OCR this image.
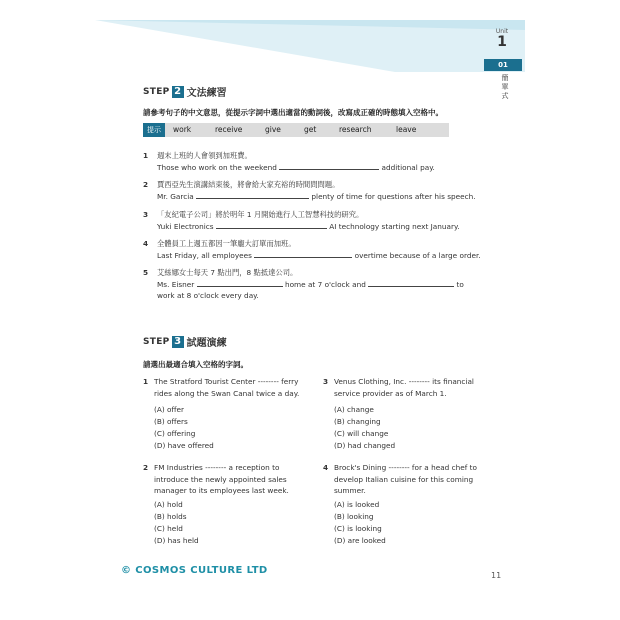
Unit
1
01
簡單式
STEP 2 文法練習
請參考句子的中文意思，從提示字詞中選出適當的動詞後，改寫成正確的時態填入空格中。
提示	work	receive	give	get	research	leave
1 週末上班的人會領到加班費。
Those who work on the weekend	additional pay.
2 賈西亞先生演講結束後，將會給大家充裕的時間問問題。
Mr. Garcia	plenty of time for questions after his speech.
3 「友紀電子公司」將於明年 1 月開始進行人工智慧科技的研究。
Yuki Electronics	AI technology starting next January.
4 全體員工上週五都因一筆龐大訂單而加班。
Last Friday, all employees	overtime because of a large order.
5 艾絲娜女士每天 7 點出門，8 點抵達公司。
Ms. Eisner	home at 7 o'clock and	to
work at 8 o'clock every day.
STEP 3 試題演練
請選出最適合填入空格的字詞。
1 The Stratford Tourist Center -------- ferry rides along the Swan Canal twice a day.
(A) offer
(B) offers
(C) offering
(D) have offered
3 Venus Clothing, Inc. -------- its financial service provider as of March 1.
(A) change
(B) changing
(C) will change
(D) had changed
2 FM Industries -------- a reception to introduce the newly appointed sales manager to its employees last week.
(A) hold
(B) holds
(C) held
(D) has held
4 Brock's Dining -------- for a head chef to develop Italian cuisine for this coming summer.
(A) is looked
(B) looking
(C) is looking
(D) are looked
© COSMOS CULTURE LTD	11
